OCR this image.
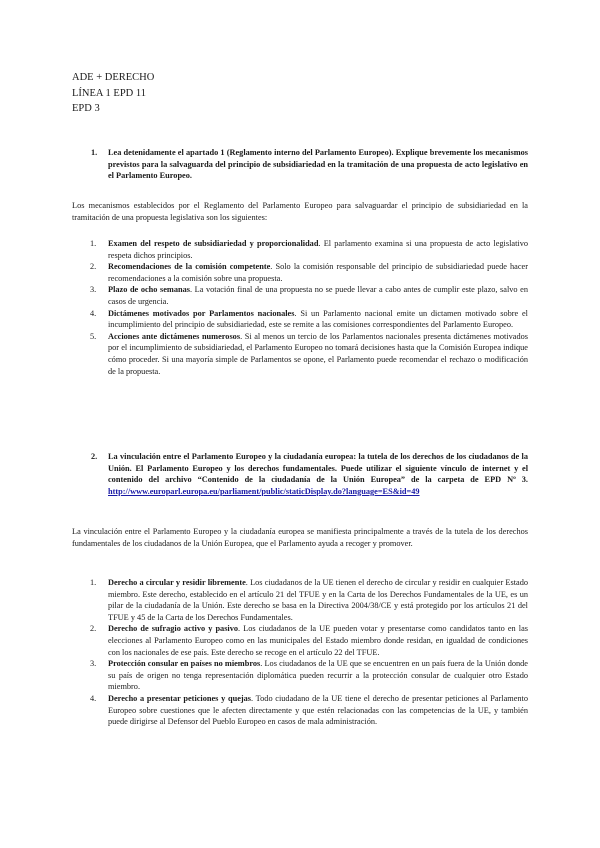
ADE + DERECHO
LÍNEA 1 EPD 11
EPD 3
1. Lea detenidamente el apartado 1 (Reglamento interno del Parlamento Europeo). Explique brevemente los mecanismos previstos para la salvaguarda del principio de subsidiariedad en la tramitación de una propuesta de acto legislativo en el Parlamento Europeo.
Los mecanismos establecidos por el Reglamento del Parlamento Europeo para salvaguardar el principio de subsidiariedad en la tramitación de una propuesta legislativa son los siguientes:
1. Examen del respeto de subsidiariedad y proporcionalidad. El parlamento examina si una propuesta de acto legislativo respeta dichos principios.
2. Recomendaciones de la comisión competente. Solo la comisión responsable del principio de subsidiariedad puede hacer recomendaciones a la comisión sobre una propuesta.
3. Plazo de ocho semanas. La votación final de una propuesta no se puede llevar a cabo antes de cumplir este plazo, salvo en casos de urgencia.
4. Dictámenes motivados por Parlamentos nacionales. Si un Parlamento nacional emite un dictamen motivado sobre el incumplimiento del principio de subsidiariedad, este se remite a las comisiones correspondientes del Parlamento Europeo.
5. Acciones ante dictámenes numerosos. Si al menos un tercio de los Parlamentos nacionales presenta dictámenes motivados por el incumplimiento de subsidiariedad, el Parlamento Europeo no tomará decisiones hasta que la Comisión Europea indique cómo proceder. Si una mayoría simple de Parlamentos se opone, el Parlamento puede recomendar el rechazo o modificación de la propuesta.
2. La vinculación entre el Parlamento Europeo y la ciudadanía europea: la tutela de los derechos de los ciudadanos de la Unión. El Parlamento Europeo y los derechos fundamentales. Puede utilizar el siguiente vínculo de internet y el contenido del archivo “Contenido de la ciudadanía de la Unión Europea” de la carpeta de EPD Nº 3. http://www.europarl.europa.eu/parliament/public/staticDisplay.do?language=ES&id=49
La vinculación entre el Parlamento Europeo y la ciudadanía europea se manifiesta principalmente a través de la tutela de los derechos fundamentales de los ciudadanos de la Unión Europea, que el Parlamento ayuda a recoger y promover.
1. Derecho a circular y residir libremente. Los ciudadanos de la UE tienen el derecho de circular y residir en cualquier Estado miembro. Este derecho, establecido en el artículo 21 del TFUE y en la Carta de los Derechos Fundamentales de la UE, es un pilar de la ciudadanía de la Unión. Este derecho se basa en la Directiva 2004/38/CE y está protegido por los artículos 21 del TFUE y 45 de la Carta de los Derechos Fundamentales.
2. Derecho de sufragio activo y pasivo. Los ciudadanos de la UE pueden votar y presentarse como candidatos tanto en las elecciones al Parlamento Europeo como en las municipales del Estado miembro donde residan, en igualdad de condiciones con los nacionales de ese país. Este derecho se recoge en el artículo 22 del TFUE.
3. Protección consular en países no miembros. Los ciudadanos de la UE que se encuentren en un país fuera de la Unión donde su país de origen no tenga representación diplomática pueden recurrir a la protección consular de cualquier otro Estado miembro.
4. Derecho a presentar peticiones y quejas. Todo ciudadano de la UE tiene el derecho de presentar peticiones al Parlamento Europeo sobre cuestiones que le afecten directamente y que estén relacionadas con las competencias de la UE, y también puede dirigirse al Defensor del Pueblo Europeo en casos de mala administración.
